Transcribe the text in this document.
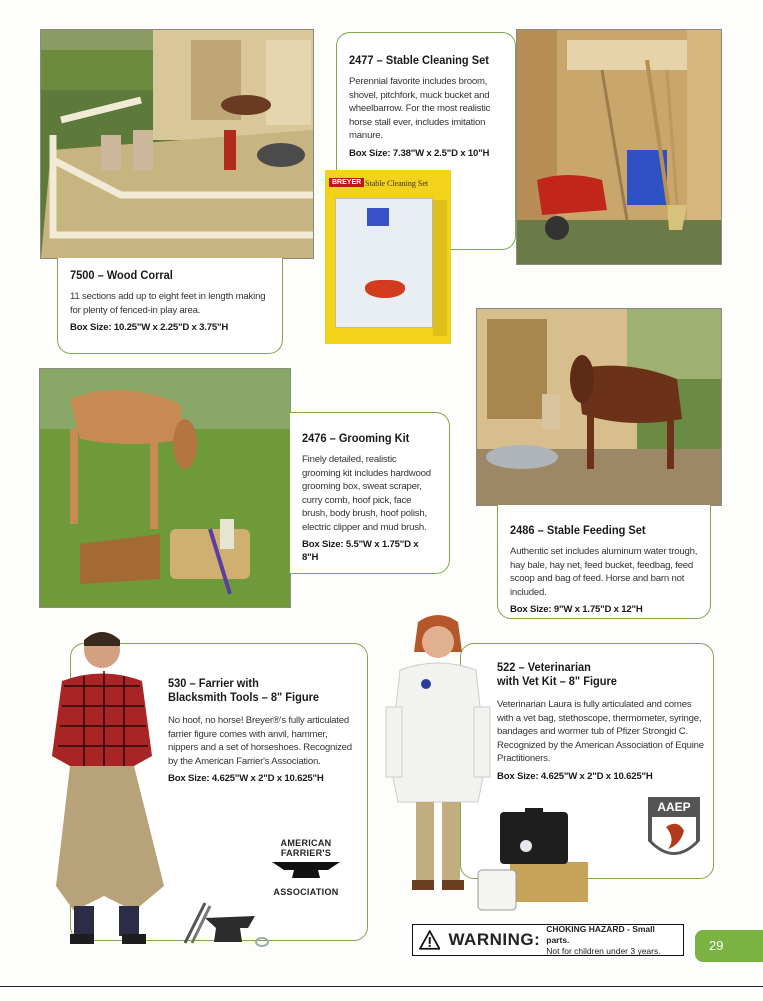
7500 – Wood Corral
11 sections add up to eight feet in length making for plenty of fenced-in play area.
Box Size: 10.25"W x 2.25"D x 3.75"H
2477 – Stable Cleaning Set
Perennial favorite includes broom, shovel, pitchfork, muck bucket and wheelbarrow. For the most realistic horse stall ever, includes imitation manure.
Box Size: 7.38"W x 2.5"D x 10"H
BREYER Stable Cleaning Set
2476 – Grooming Kit
Finely detailed, realistic grooming kit includes hardwood grooming box, sweat scraper, curry comb, hoof pick, face brush, body brush, hoof polish, electric clipper and mud brush.
Box Size: 5.5"W x 1.75"D x 8"H
2486 – Stable Feeding Set
Authentic set includes aluminum water trough, hay bale, hay net, feed bucket, feedbag, feed scoop and bag of feed. Horse and barn not included.
Box Size: 9"W x 1.75"D x 12"H
530 – Farrier with
Blacksmith Tools – 8" Figure
No hoof, no horse! Breyer®'s fully articulated farrier figure comes with anvil, hammer, nippers and a set of horseshoes. Recognized by the American Farrier's Association.
Box Size: 4.625"W x 2"D x 10.625"H
AMERICAN
FARRIER'S
ASSOCIATION
522 – Veterinarian
with Vet Kit – 8" Figure
Veterinarian Laura is fully articulated and comes with a vet bag, stethoscope, thermometer, syringe, bandages and wormer tub of Pfizer Strongid C. Recognized by the American Association of Equine Practitioners.
Box Size: 4.625"W x 2"D x 10.625"H
AAEP
WARNING:
CHOKING HAZARD - Small parts.
Not for children under 3 years.	29
